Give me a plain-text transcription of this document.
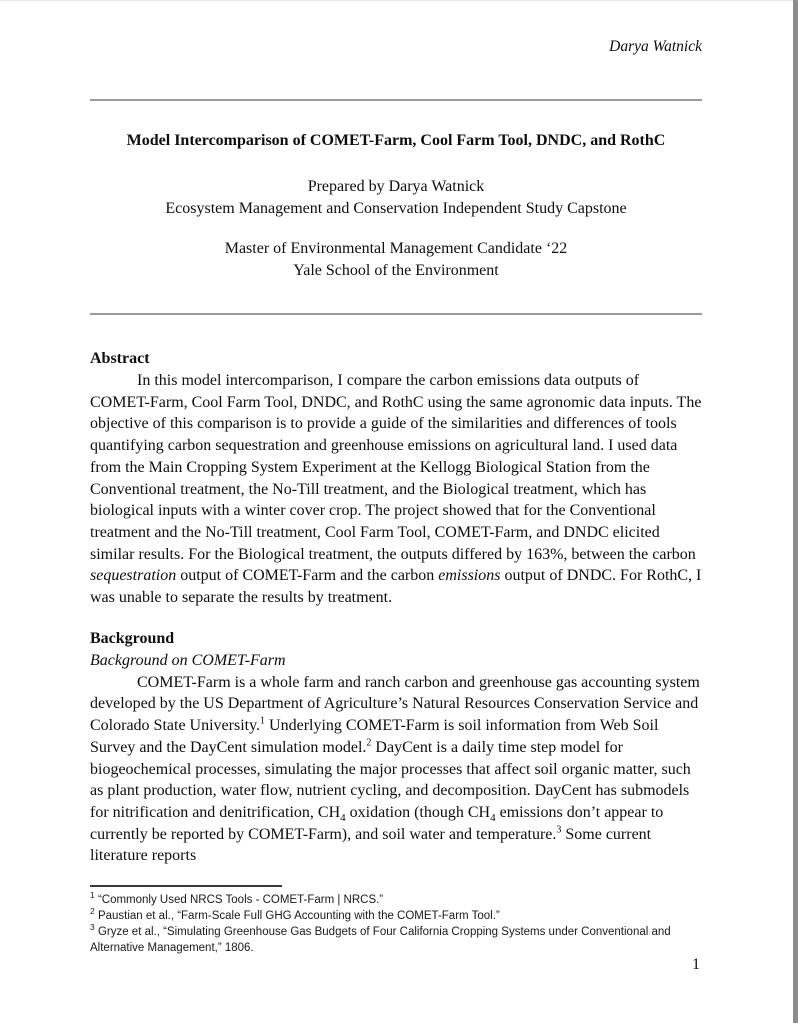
Darya Watnick
Model Intercomparison of COMET-Farm, Cool Farm Tool, DNDC, and RothC

Prepared by Darya Watnick

Ecosystem Management and Conservation Independent Study Capstone

Master of Environmental Management Candidate ‘22

Yale School of the Environment

Abstract

In this model intercomparison, I compare the carbon emissions data outputs of COMET-Farm, Cool Farm Tool, DNDC, and RothC using the same agronomic data inputs. The objective of this comparison is to provide a guide of the similarities and differences of tools quantifying carbon sequestration and greenhouse emissions on agricultural land. I used data from the Main Cropping System Experiment at the Kellogg Biological Station from the Conventional treatment, the No-Till treatment, and the Biological treatment, which has biological inputs with a winter cover crop. The project showed that for the Conventional treatment and the No-Till treatment, Cool Farm Tool, COMET-Farm, and DNDC elicited similar results. For the Biological treatment, the outputs differed by 163%, between the carbon sequestration output of COMET-Farm and the carbon emissions output of DNDC. For RothC, I was unable to separate the results by treatment.

Background
Background on COMET-Farm

COMET-Farm is a whole farm and ranch carbon and greenhouse gas accounting system developed by the US Department of Agriculture’s Natural Resources Conservation Service and Colorado State University.$^1$ Underlying COMET-Farm is soil information from Web Soil Survey and the DayCent simulation model.$^2$ DayCent is a daily time step model for biogeochemical processes, simulating the major processes that affect soil organic matter, such as plant production, water flow, nutrient cycling, and decomposition. DayCent has submodels for nitrification and denitrification, $CH_4$ oxidation (though $CH_4$ emissions don’t appear to currently be reported by COMET-Farm), and soil water and temperature.$^3$ Some current literature reports

$^1$ “Commonly Used NRCS Tools - COMET-Farm | NRCS.”

$^2$ Paustian et al., “Farm-Scale Full GHG Accounting with the COMET-Farm Tool.”

$^3$ Gryze et al., “Simulating Greenhouse Gas Budgets of Four California Cropping Systems under Conventional and Alternative Management,” 1806.

1
